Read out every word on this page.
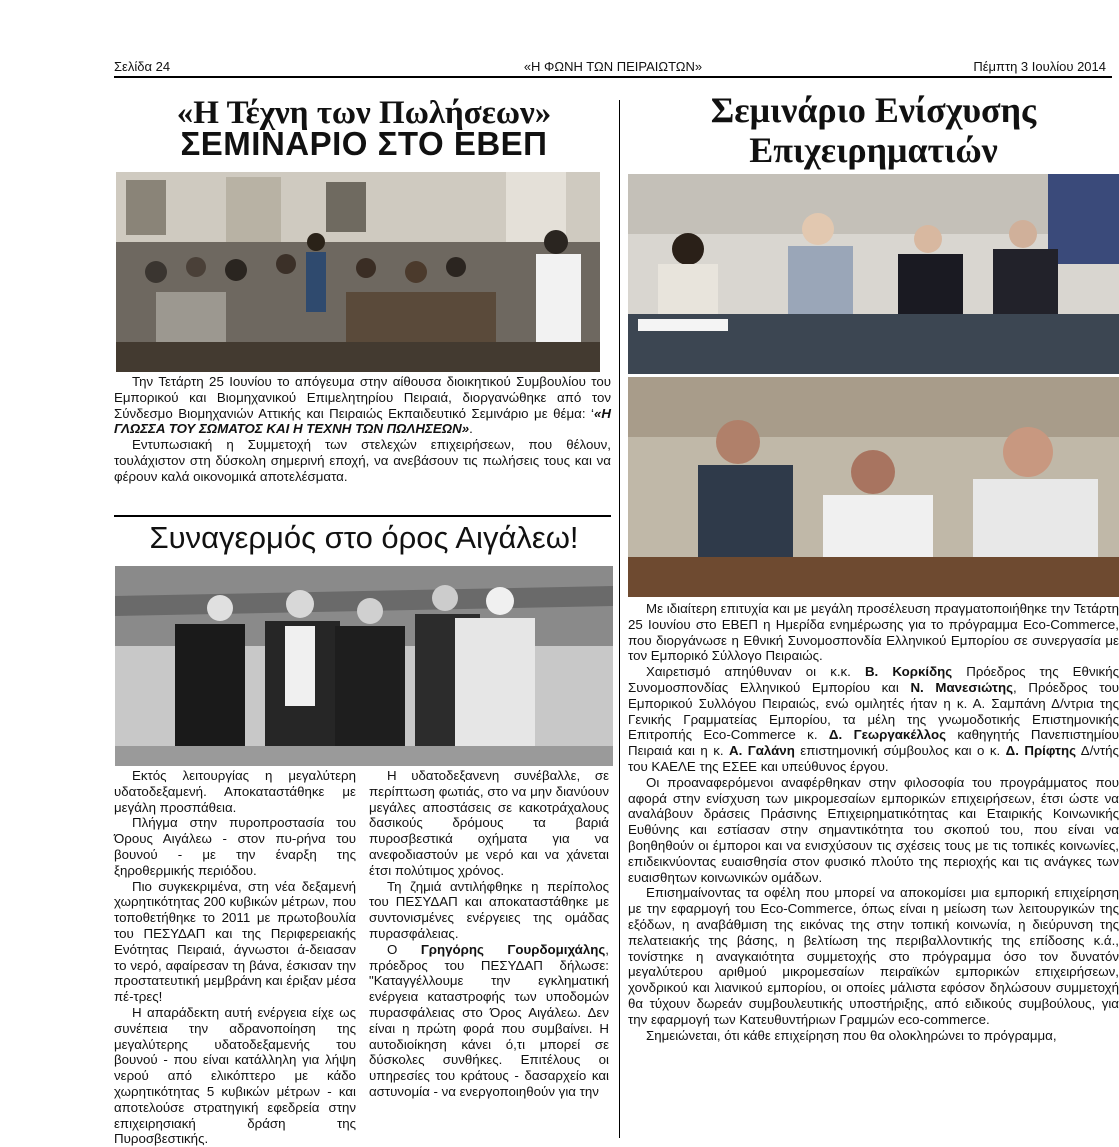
Σελίδα 24	«Η ΦΩΝΗ ΤΩΝ ΠΕΙΡΑΙΩΤΩΝ»	Πέμπτη 3 Ιουλίου 2014
«Η Τέχνη των Πωλήσεων»
ΣΕΜΙΝΑΡΙΟ ΣΤΟ ΕΒΕΠ

Την Τετάρτη 25 Ιουνίου το απόγευμα στην αίθουσα διοικητικού Συμβουλίου του Εμπορικού και Βιομηχανικού Επιμελητηρίου Πειραιά, διοργανώθηκε από τον Σύνδεσμο Βιομηχανιών Αττικής και Πειραιώς Εκπαιδευτικό Σεμινάριο με θέμα: ‘«Η ΓΛΩΣΣΑ ΤΟΥ ΣΩΜΑΤΟΣ ΚΑΙ Η ΤΕΧΝΗ ΤΩΝ ΠΩΛΗΣΕΩΝ».

Εντυπωσιακή η Συμμετοχή των στελεχών επιχειρήσεων, που θέλουν, τουλάχιστον στη δύσκολη σημερινή εποχή, να ανεβάσουν τις πωλήσεις τους και να φέρουν καλά οικονομικά αποτελέσματα.

Συναγερμός στο όρος Αιγάλεω!

Εκτός λειτουργίας η μεγαλύτερη υδατοδεξαμενή. Αποκαταστάθηκε με μεγάλη προσπάθεια.

Πλήγμα στην πυροπροστασία του Όρους Αιγάλεω - στον πυ-ρήνα του βουνού - με την έναρξη της ξηροθερμικής περιόδου.

Πιο συγκεκριμένα, στη νέα δεξαμενή χωρητικότητας 200 κυβικών μέτρων, που τοποθετήθηκε το 2011 με πρωτοβουλία του ΠΕΣΥΔΑΠ και της Περιφερειακής Ενότητας Πειραιά, άγνωστοι ά-δειασαν το νερό, αφαίρεσαν τη βάνα, έσκισαν την προστατευτική μεμβράνη και έριξαν μέσα πέ-τρες!

Η απαράδεκτη αυτή ενέργεια είχε ως συνέπεια την αδρανοποίηση της μεγαλύτερης υδατοδεξαμενής του βουνού - που είναι κατάλληλη για λήψη νερού από ελικόπτερο με κάδο χωρητικότητας 5 κυβικών μέτρων - και αποτελούσε στρατηγική εφεδρεία στην επιχειρησιακή δράση της Πυροσβεστικής.

Η υδατοδεξανενη συνέβαλλε, σε περίπτωση φωτιάς, στο να μην διανύουν μεγάλες αποστάσεις σε κακοτράχαλους δασικούς δρόμους τα βαριά πυροσβεστικά οχήματα για να ανεφοδιαστούν με νερό και να χάνεται έτσι πολύτιμος χρόνος.

Τη ζημιά αντιλήφθηκε η περίπολος του ΠΕΣΥΔΑΠ και αποκαταστάθηκε με συντονισμένες ενέργειες της ομάδας πυρασφάλειας.

Ο Γρηγόρης Γουρδομιχάλης, πρόεδρος του ΠΕΣΥΔΑΠ δήλωσε: "Καταγγέλλουμε την εγκληματική ενέργεια καταστροφής των υποδομών πυρασφάλειας στο Όρος Αιγάλεω. Δεν είναι η πρώτη φορά που συμβαίνει. Η αυτοδιοίκηση κάνει ό,τι μπορεί σε δύσκολες συνθήκες. Επιτέλους οι υπηρεσίες του κράτους - δασαρχείο και αστυνομία - να ενεργοποιηθούν για την

Σεμινάριο Ενίσχυσης
Επιχειρηματιών

Με ιδιαίτερη επιτυχία και με μεγάλη προσέλευση πραγματοποιήθηκε την Τετάρτη 25 Ιουνίου στο ΕΒΕΠ η Ημερίδα ενημέρωσης για το πρόγραμμα Eco-Commerce, που διοργάνωσε η Εθνική Συνομοσπονδία Ελληνικού Εμπορίου σε συνεργασία με τον Εμπορικό Σύλλογο Πειραιώς.

Χαιρετισμό απηύθυναν οι κ.κ. Β. Κορκίδης Πρόεδρος της Εθνικής Συνομοσπονδίας Ελληνικού Εμπορίου και Ν. Μανεσιώτης, Πρόεδρος του Εμπορικού Συλλόγου Πειραιώς, ενώ ομιλητές ήταν η κ. Α. Σαμπάνη Δ/ντρια της Γενικής Γραμματείας Εμπορίου, τα μέλη της γνωμοδοτικής Επιστημονικής Επιτροπής Eco-Commerce κ. Δ. Γεωργακέλλος καθηγητής Πανεπιστημίου Πειραιά και η κ. Α. Γαλάνη επιστημονική σύμβουλος και ο κ. Δ. Πρίφτης Δ/ντής του ΚΑΕΛΕ της ΕΣΕΕ και υπεύθυνος έργου.

Οι προαναφερόμενοι αναφέρθηκαν στην φιλοσοφία του προγράμματος που αφορά στην ενίσχυση των μικρομεσαίων εμπορικών επιχειρήσεων, έτσι ώστε να αναλάβουν δράσεις Πράσινης Επιχειρηματικότητας και Εταιρικής Κοινωνικής Ευθύνης και εστίασαν στην σημαντικότητα του σκοπού του, που είναι να βοηθηθούν οι έμποροι και να ενισχύσουν τις σχέσεις τους με τις τοπικές κοινωνίες, επιδεικνύοντας ευαισθησία στον φυσικό πλούτο της περιοχής και τις ανάγκες των ευαισθητων κοινωνικών ομάδων.

Επισημαίνοντας τα οφέλη που μπορεί να αποκομίσει μια εμπορική επιχείρηση με την εφαρμογή του Eco-Commerce, όπως είναι η μείωση των λειτουργικών της εξόδων, η αναβάθμιση της εικόνας της στην τοπική κοινωνία, η διεύρυνση της πελατειακής της βάσης, η βελτίωση της περιβαλλοντικής της επίδοσης κ.ά., τονίστηκε η αναγκαιότητα συμμετοχής στο πρόγραμμα όσο τον δυνατόν μεγαλύτερου αριθμού μικρομεσαίων πειραϊκών εμπορικών επιχειρήσεων, χονδρικού και λιανικού εμπορίου, οι οποίες μάλιστα εφόσον δηλώσουν συμμετοχή θα τύχουν δωρεάν συμβουλευτικής υποστήριξης, από ειδικούς συμβούλους, για την εφαρμογή των Κατευθυντήριων Γραμμών eco-commerce.

Σημειώνεται, ότι κάθε επιχείρηση που θα ολοκληρώνει το πρόγραμμα,
